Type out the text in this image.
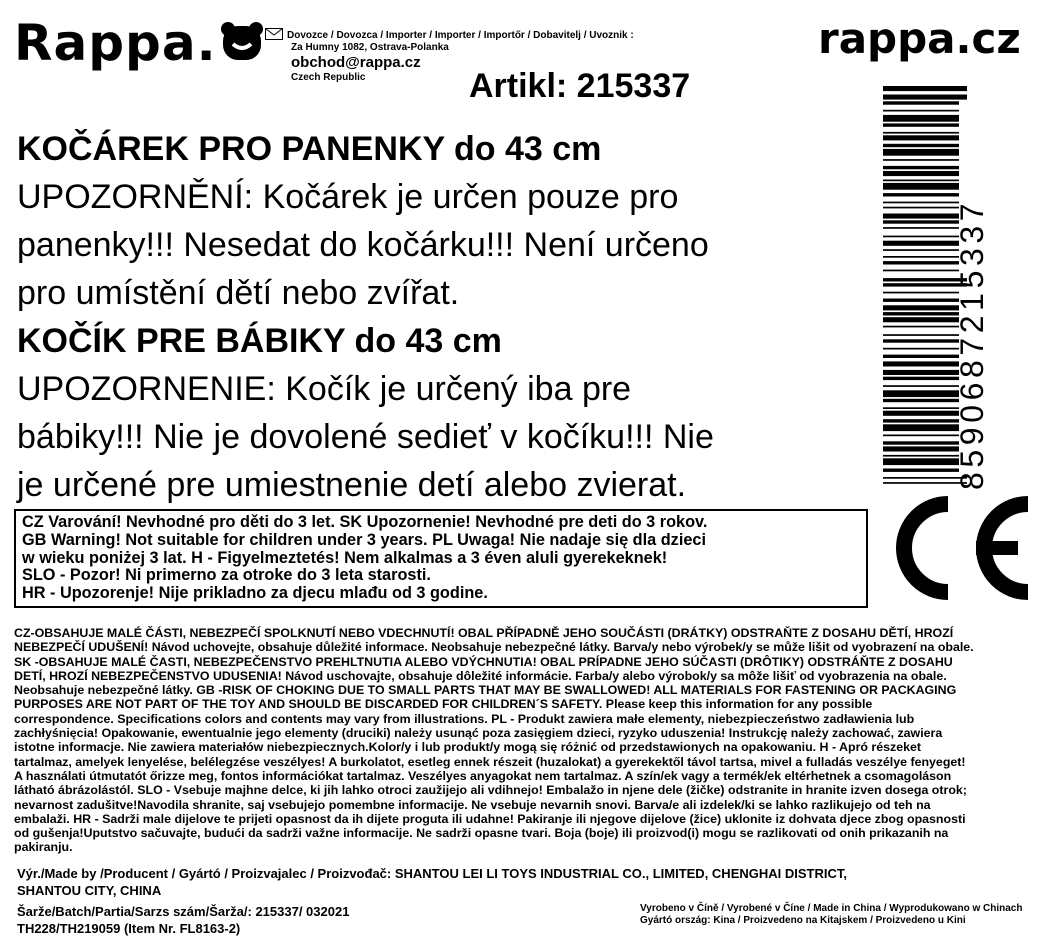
Rappa.	Dovozce / Dovozca / Importer / Importer / Importőr / Dobavitelj / Uvoznik :
Za Humny 1082, Ostrava-Polanka
obchod@rappa.cz
Czech Republic
rappa.cz
Artikl: 215337
KOČÁREK PRO PANENKY do 43 cm
UPOZORNĚNÍ: Kočárek je určen pouze pro
panenky!!! Nesedat do kočárku!!! Není určeno
pro umístění dětí nebo zvířat.
KOČÍK PRE BÁBIKY do 43 cm
UPOZORNENIE: Kočík je určený iba pre
bábiky!!! Nie je dovolené sedieť v kočíku!!! Nie
je určené pre umiestnenie detí alebo zvierat.	8590687215337
CZ Varování! Nevhodné pro děti do 3 let. SK Upozornenie! Nevhodné pre deti do 3 rokov.
GB Warning! Not suitable for children under 3 years. PL Uwaga! Nie nadaje się dla dzieci
w wieku poniżej 3 lat. H - Figyelmeztetés! Nem alkalmas a 3 éven aluli gyerekeknek!
SLO - Pozor! Ni primerno za otroke do 3 leta starosti.
HR - Upozorenje! Nije prikladno za djecu mlađu od 3 godine.
CZ-OBSAHUJE MALÉ ČÁSTI, NEBEZPEČÍ SPOLKNUTÍ NEBO VDECHNUTÍ! OBAL PŘÍPADNĚ JEHO SOUČÁSTI (DRÁTKY) ODSTRAŇTE Z DOSAHU DĚTÍ, HROZÍ
NEBEZPEČÍ UDUŠENÍ! Návod uchovejte, obsahuje důležité informace. Neobsahuje nebezpečné látky. Barva/y nebo výrobek/y se může lišit od vyobrazení na obale.
SK -OBSAHUJE MALÉ ČASTI, NEBEZPEČENSTVO PREHLTNUTIA ALEBO VDÝCHNUTIA! OBAL PRÍPADNE JEHO SÚČASTI (DRÔTIKY) ODSTRÁŇTE Z DOSAHU
DETÍ, HROZÍ NEBEZPEČENSTVO UDUSENIA! Návod uschovajte, obsahuje dôležité informácie. Farba/y alebo výrobok/y sa môže lišiť od vyobrazenia na obale.
Neobsahuje nebezpečné látky. GB -RISK OF CHOKING DUE TO SMALL PARTS THAT MAY BE SWALLOWED! ALL MATERIALS FOR FASTENING OR PACKAGING
PURPOSES ARE NOT PART OF THE TOY AND SHOULD BE DISCARDED FOR CHILDREN´S SAFETY. Please keep this information for any possible
correspondence. Specifications colors and contents may vary from illustrations. PL - Produkt zawiera małe elementy, niebezpieczeństwo zadławienia lub
zachłyśnięcia! Opakowanie, ewentualnie jego elementy (druciki) należy usunąć poza zasięgiem dzieci, ryzyko uduszenia! Instrukcję należy zachować, zawiera
istotne informacje. Nie zawiera materiałów niebezpiecznych.Kolor/y i lub produkt/y mogą się różnić od przedstawionych na opakowaniu. H - Apró részeket
tartalmaz, amelyek lenyelése, belélegzése veszélyes! A burkolatot, esetleg ennek részeit (huzalokat) a gyerekektől távol tartsa, mivel a fulladás veszélye fenyeget!
A használati útmutatót őrizze meg, fontos információkat tartalmaz. Veszélyes anyagokat nem tartalmaz. A szín/ek vagy a termék/ek eltérhetnek a csomagoláson
látható ábrázolástól. SLO - Vsebuje majhne delce, ki jih lahko otroci zaužijejo ali vdihnejo! Embalažo in njene dele (žičke) odstranite in hranite izven dosega otrok;
nevarnost zadušitve!Navodila shranite, saj vsebujejo pomembne informacije. Ne vsebuje nevarnih snovi. Barva/e ali izdelek/ki se lahko razlikujejo od teh na
embalaži. HR - Sadrži male dijelove te prijeti opasnost da ih dijete proguta ili udahne! Pakiranje ili njegove dijelove (žice) uklonite iz dohvata djece zbog opasnosti
od gušenja!Uputstvo sačuvajte, budući da sadrži važne informacije. Ne sadrži opasne tvari. Boja (boje) ili proizvod(i) mogu se razlikovati od onih prikazanih na
pakiranju.
Výr./Made by /Producent / Gyártó / Proizvajalec / Proizvođač: SHANTOU LEI LI TOYS INDUSTRIAL CO., LIMITED, CHENGHAI DISTRICT,
SHANTOU CITY, CHINA
Šarže/Batch/Partia/Sarzs szám/Šarža/: 215337/ 032021
TH228/TH219059 (Item Nr. FL8163-2)
Vyrobeno v Číně / Vyrobené v Číne / Made in China / Wyprodukowano w Chinach
Gyártó ország: Kina / Proizvedeno na Kitajskem / Proizvedeno u Kini
